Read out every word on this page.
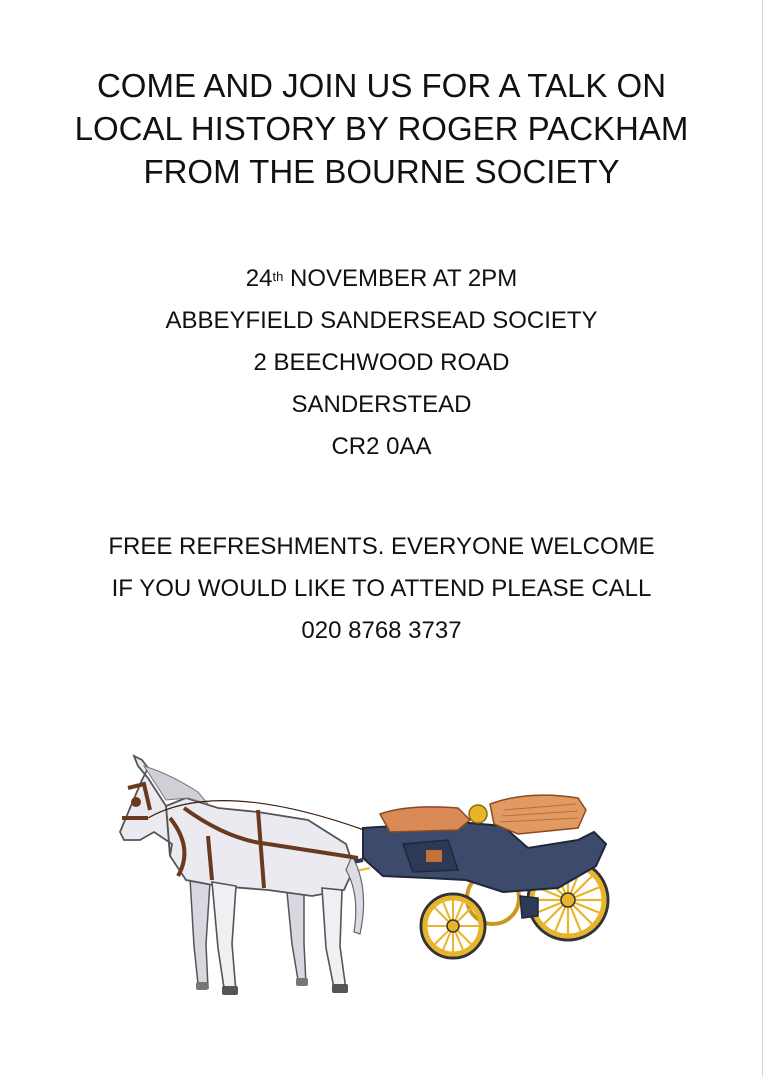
COME AND JOIN US FOR A TALK ON
LOCAL HISTORY BY ROGER PACKHAM
FROM THE BOURNE SOCIETY
24th NOVEMBER AT 2PM
ABBEYFIELD SANDERSEAD SOCIETY
2 BEECHWOOD ROAD
SANDERSTEAD
CR2 0AA
FREE REFRESHMENTS. EVERYONE WELCOME
IF YOU WOULD LIKE TO ATTEND PLEASE CALL
020 8768 3737
